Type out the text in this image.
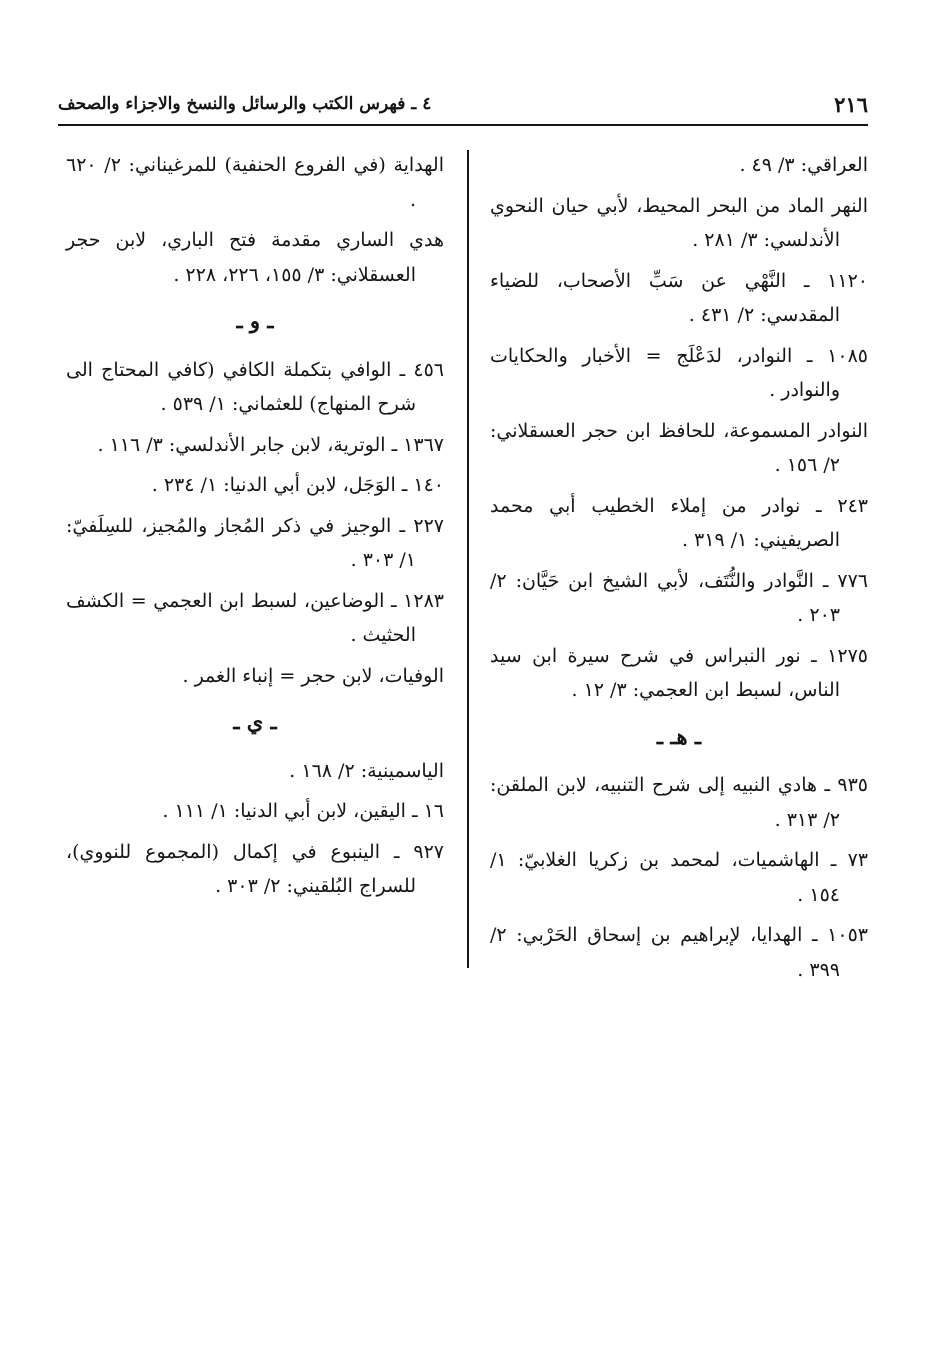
٢١٦
٤ ـ فهرس الكتب والرسائل والنسخ والاجزاء والصحف

العراقي: ٣/ ٤٩ .

النهر الماد من البحر المحيط، لأبي حيان النحوي الأندلسي: ٣/ ٢٨١ .

١١٢٠ ـ النَّهْي عن سَبِّ الأصحاب، للضياء المقدسي: ٢/ ٤٣١ .

١٠٨٥ ـ النوادر، لدَعْلَج = الأخبار والحكايات والنوادر .

النوادر المسموعة، للحافظ ابن حجر العسقلاني: ٢/ ١٥٦ .

٢٤٣ ـ نوادر من إملاء الخطيب أبي محمد الصريفيني: ١/ ٣١٩ .

٧٧٦ ـ النَّوادر والنُّتَف، لأبي الشيخ ابن حَيَّان: ٢/ ٢٠٣ .

١٢٧٥ ـ نور النبراس في شرح سيرة ابن سيد الناس، لسبط ابن العجمي: ٣/ ١٢ .

ـ هـ ـ

٩٣٥ ـ هادي النبيه إلى شرح التنبيه، لابن الملقن: ٢/ ٣١٣ .

٧٣ ـ الهاشميات، لمحمد بن زكريا الغلابيّ: ١/ ١٥٤ .

١٠٥٣ ـ الهدايا، لإبراهيم بن إسحاق الحَرْبي: ٢/ ٣٩٩ .

الهداية (في الفروع الحنفية) للمرغيناني: ٢/ ٦٢٠ .

هدي الساري مقدمة فتح الباري، لابن حجر العسقلاني: ٣/ ١٥٥، ٢٢٦، ٢٢٨ .

ـ و ـ

٤٥٦ ـ الوافي بتكملة الكافي (كافي المحتاج الى شرح المنهاج) للعثماني: ١/ ٥٣٩ .

١٣٦٧ ـ الوترية، لابن جابر الأندلسي: ٣/ ١١٦ .

١٤٠ ـ الوَجَل، لابن أبي الدنيا: ١/ ٢٣٤ .

٢٢٧ ـ الوجيز في ذكر المُجاز والمُجيز، للسِلَفيّ: ١/ ٣٠٣ .

١٢٨٣ ـ الوضاعين، لسبط ابن العجمي = الكشف الحثيث .

الوفيات، لابن حجر = إنباء الغمر .

ـ ي ـ

الياسمينية: ٢/ ١٦٨ .

١٦ ـ اليقين، لابن أبي الدنيا: ١/ ١١١ .

٩٢٧ ـ الينبوع في إكمال (المجموع للنووي)، للسراج البُلقيني: ٢/ ٣٠٣ .
